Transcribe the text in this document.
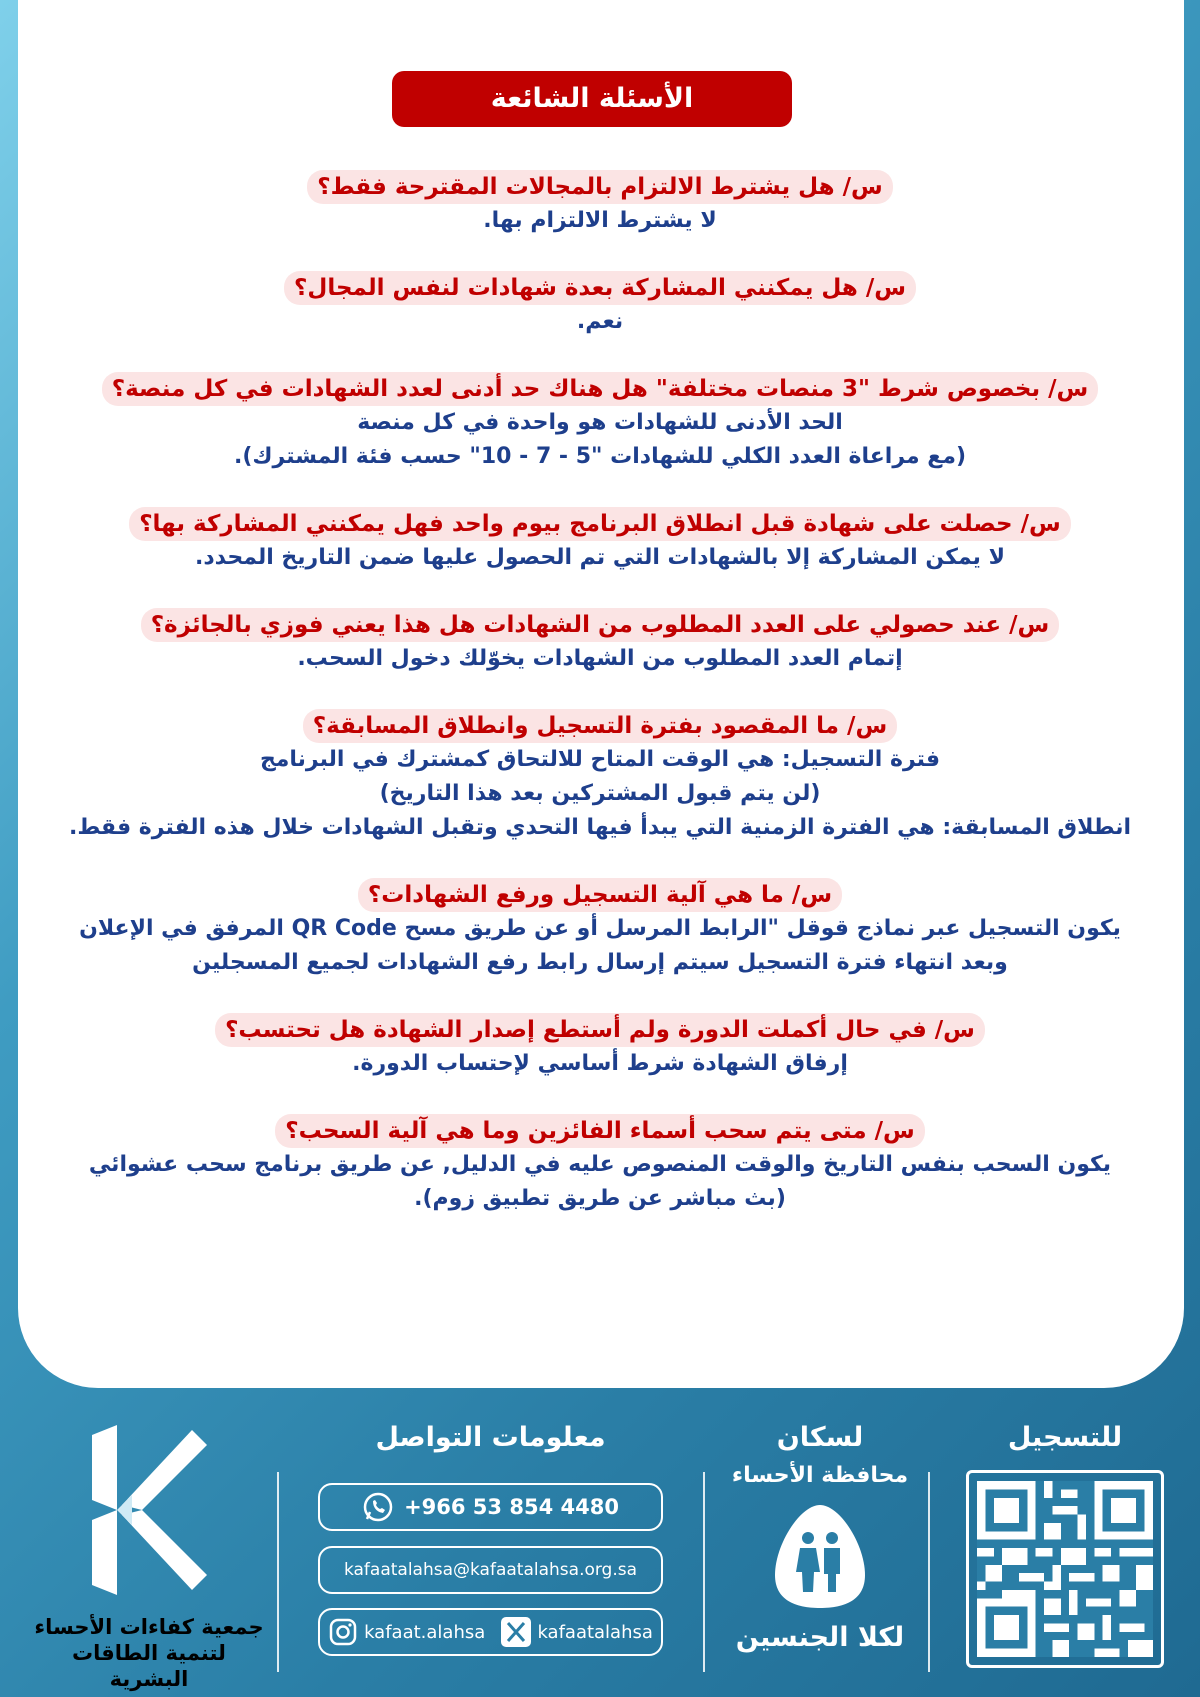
الأسئلة الشائعة
س/ هل يشترط الالتزام بالمجالات المقترحة فقط؟
لا يشترط الالتزام بها.
س/ هل يمكنني المشاركة بعدة شهادات لنفس المجال؟
نعم.
س/ بخصوص شرط "3 منصات مختلفة" هل هناك حد أدنى لعدد الشهادات في كل منصة؟
الحد الأدنى للشهادات هو واحدة في كل منصة
(مع مراعاة العدد الكلي للشهادات "5 - 7 - 10" حسب فئة المشترك).
س/ حصلت على شهادة قبل انطلاق البرنامج بيوم واحد فهل يمكنني المشاركة بها؟
لا يمكن المشاركة إلا بالشهادات التي تم الحصول عليها ضمن التاريخ المحدد.
س/ عند حصولي على العدد المطلوب من الشهادات هل هذا يعني فوزي بالجائزة؟
إتمام العدد المطلوب من الشهادات يخوّلك دخول السحب.
س/ ما المقصود بفترة التسجيل وانطلاق المسابقة؟
فترة التسجيل: هي الوقت المتاح للالتحاق كمشترك في البرنامج
(لن يتم قبول المشتركين بعد هذا التاريخ)
انطلاق المسابقة: هي الفترة الزمنية التي يبدأ فيها التحدي وتقبل الشهادات خلال هذه الفترة فقط.
س/ ما هي آلية التسجيل ورفع الشهادات؟
يكون التسجيل عبر نماذج قوقل "الرابط المرسل أو عن طريق مسح QR Code المرفق في الإعلان
وبعد انتهاء فترة التسجيل سيتم إرسال رابط رفع الشهادات لجميع المسجلين
س/ في حال أكملت الدورة ولم أستطع إصدار الشهادة هل تحتسب؟
إرفاق الشهادة شرط أساسي لإحتساب الدورة.
س/ متى يتم سحب أسماء الفائزين وما هي آلية السحب؟
يكون السحب بنفس التاريخ والوقت المنصوص عليه في الدليل, عن طريق برنامج سحب عشوائي
(بث مباشر عن طريق تطبيق زوم).
للتسجيل
لسكان
محافظة الأحساء
لكلا الجنسين
معلومات التواصل
+966 53 854 4480
kafaatalahsa@kafaatalahsa.org.sa
kafaat.alahsa	kafaatalahsa
جمعية كفاءات الأحساء
لتنمية الطاقات البشرية
